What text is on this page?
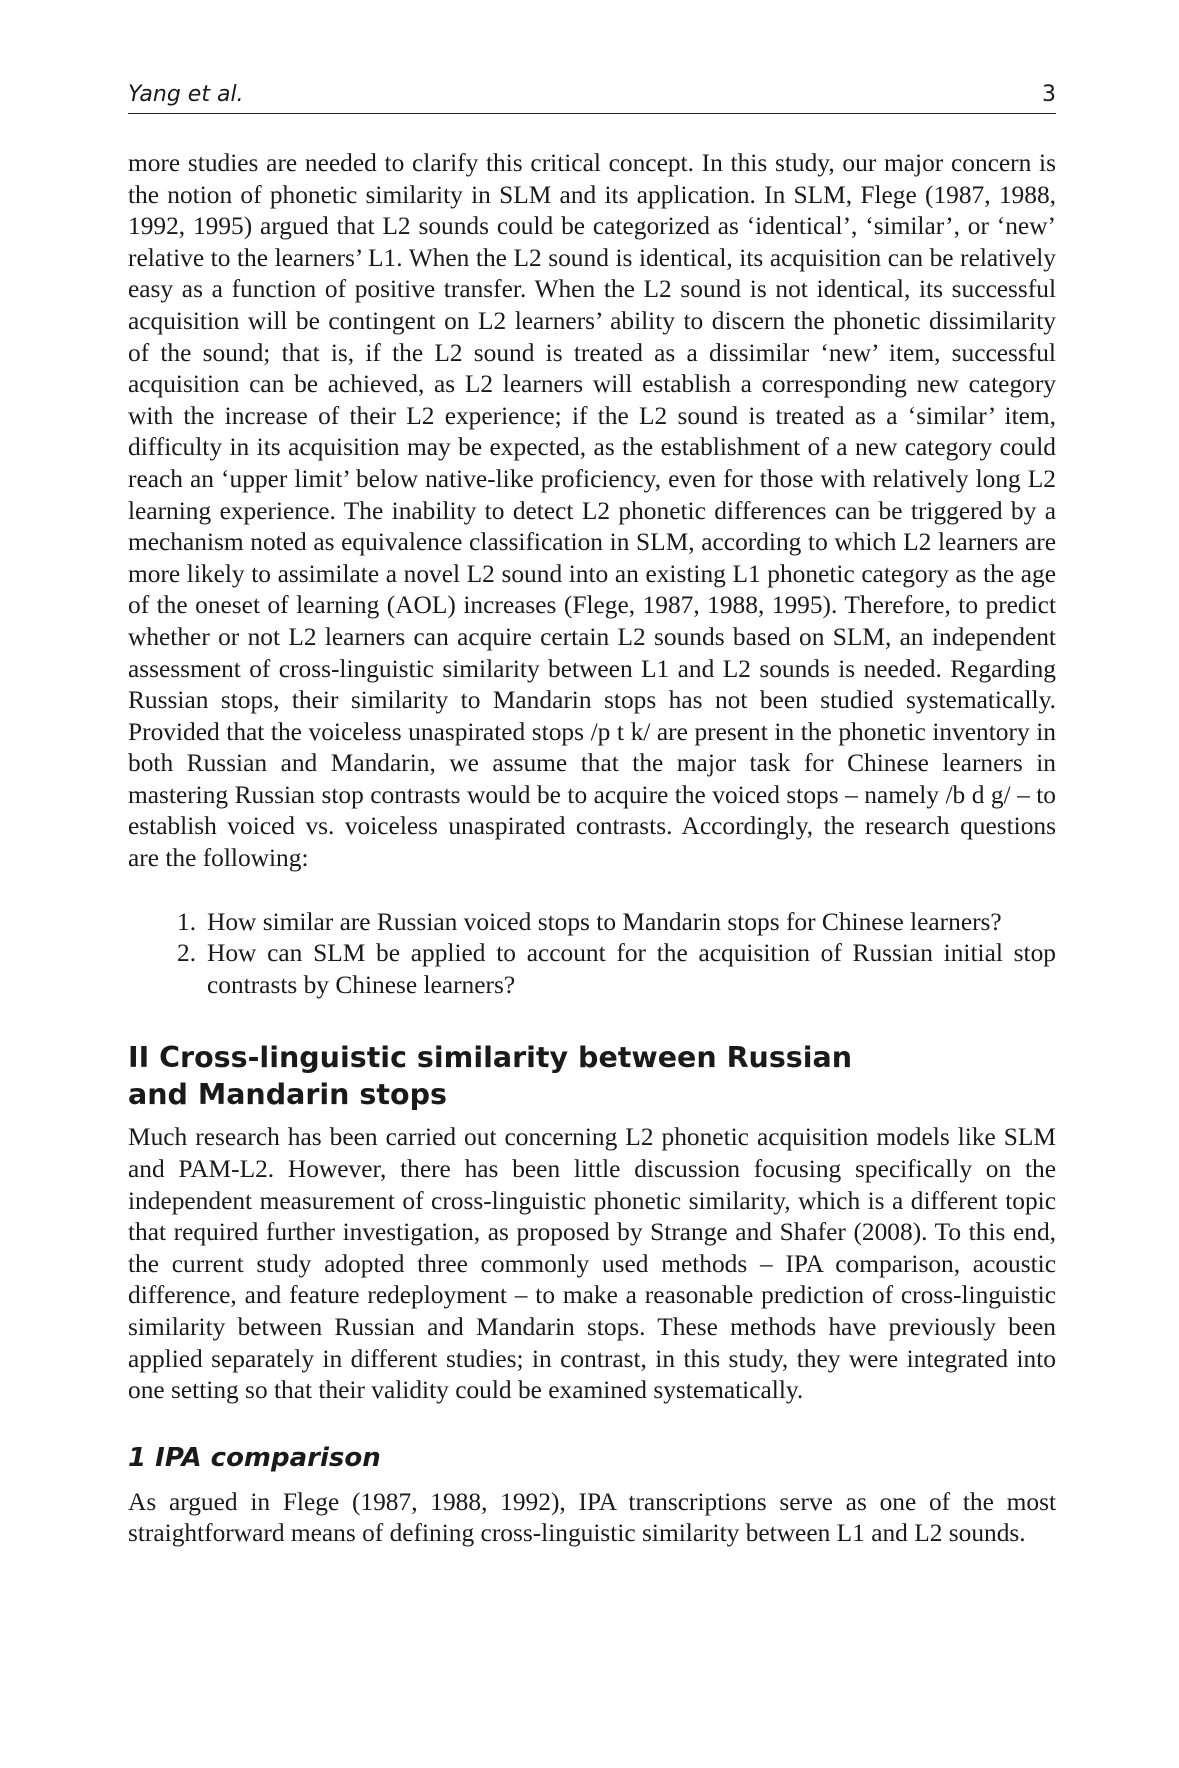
Yang et al.	3

more studies are needed to clarify this critical concept. In this study, our major concern is the notion of phonetic similarity in SLM and its application. In SLM, Flege (1987, 1988, 1992, 1995) argued that L2 sounds could be categorized as ‘identical’, ‘similar’, or ‘new’ relative to the learners’ L1. When the L2 sound is identical, its acquisition can be relatively easy as a function of positive transfer. When the L2 sound is not identical, its successful acquisition will be contingent on L2 learners’ ability to discern the phonetic dissimilarity of the sound; that is, if the L2 sound is treated as a dissimilar ‘new’ item, successful acquisition can be achieved, as L2 learners will establish a corresponding new category with the increase of their L2 experience; if the L2 sound is treated as a ‘similar’ item, difficulty in its acquisition may be expected, as the establishment of a new category could reach an ‘upper limit’ below native-like proficiency, even for those with relatively long L2 learning experience. The inability to detect L2 phonetic differences can be triggered by a mechanism noted as equivalence classification in SLM, according to which L2 learners are more likely to assimilate a novel L2 sound into an existing L1 phonetic category as the age of the oneset of learning (AOL) increases (Flege, 1987, 1988, 1995). Therefore, to predict whether or not L2 learners can acquire certain L2 sounds based on SLM, an independent assessment of cross-linguistic similarity between L1 and L2 sounds is needed. Regarding Russian stops, their similarity to Mandarin stops has not been studied systematically. Provided that the voiceless unaspirated stops /p t k/ are present in the phonetic inventory in both Russian and Mandarin, we assume that the major task for Chinese learners in mastering Russian stop contrasts would be to acquire the voiced stops – namely /b d g/ – to establish voiced vs. voiceless unaspirated contrasts. Accordingly, the research questions are the following:

1. How similar are Russian voiced stops to Mandarin stops for Chinese learners?
2. How can SLM be applied to account for the acquisition of Russian initial stop contrasts by Chinese learners?
II Cross-linguistic similarity between Russian and Mandarin stops

Much research has been carried out concerning L2 phonetic acquisition models like SLM and PAM-L2. However, there has been little discussion focusing specifically on the independent measurement of cross-linguistic phonetic similarity, which is a different topic that required further investigation, as proposed by Strange and Shafer (2008). To this end, the current study adopted three commonly used methods – IPA comparison, acoustic difference, and feature redeployment – to make a reasonable prediction of cross-linguistic similarity between Russian and Mandarin stops. These methods have previously been applied separately in different studies; in contrast, in this study, they were integrated into one setting so that their validity could be examined systematically.

1 IPA comparison

As argued in Flege (1987, 1988, 1992), IPA transcriptions serve as one of the most straightforward means of defining cross-linguistic similarity between L1 and L2 sounds.
